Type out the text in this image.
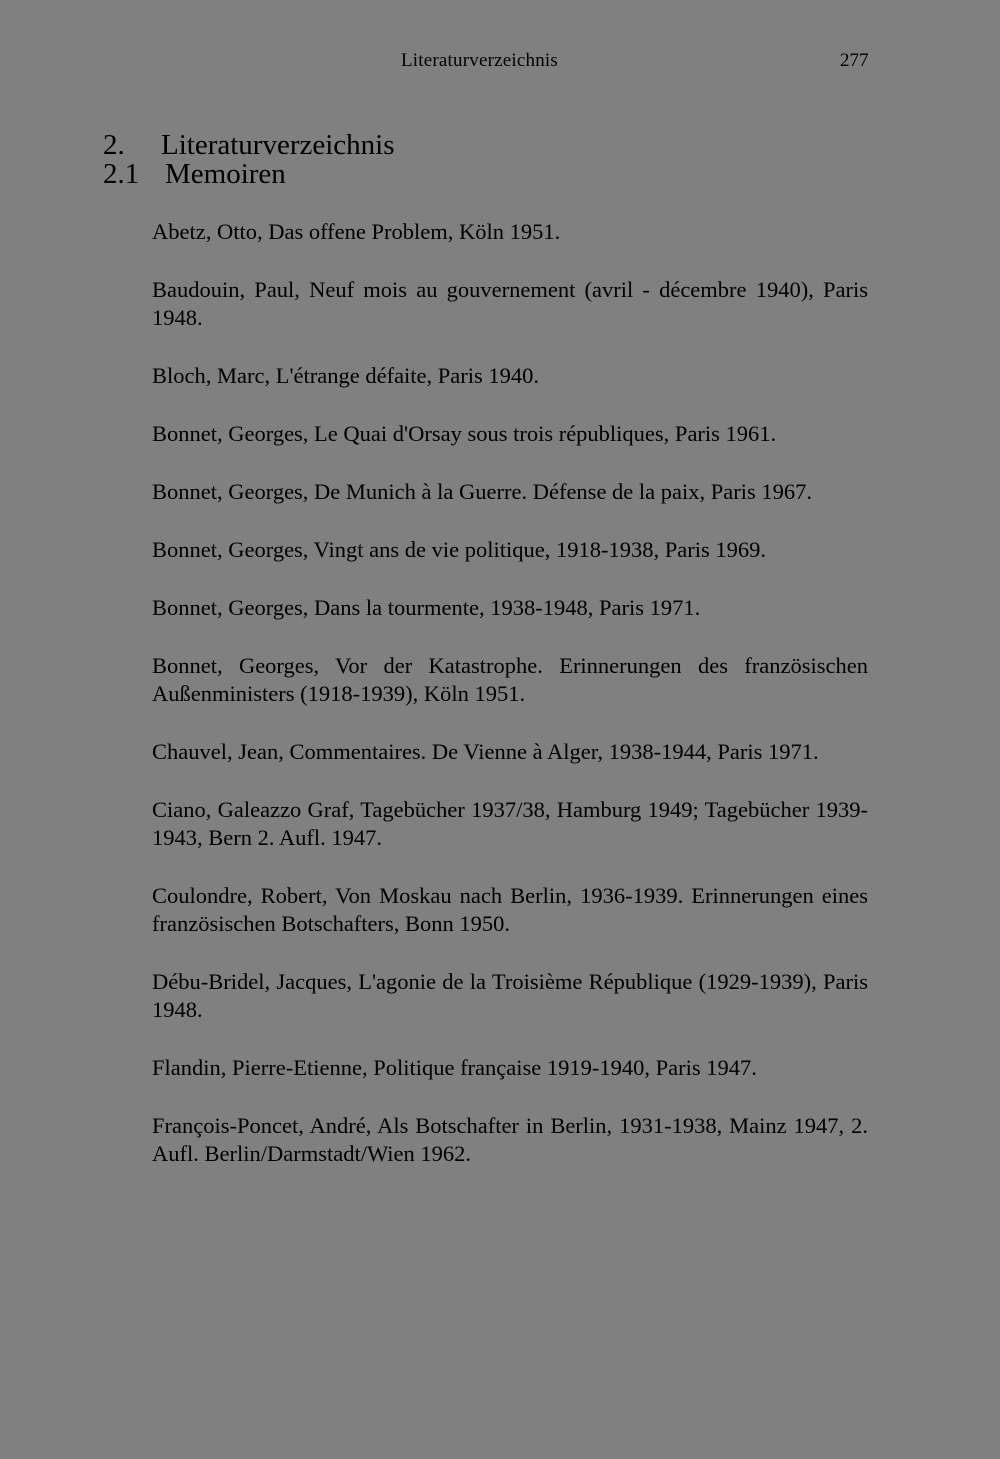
Literaturverzeichnis	277
2. Literaturverzeichnis
2.1 Memoiren
Abetz, Otto, Das offene Problem, Köln 1951.
Baudouin, Paul, Neuf mois au gouvernement (avril - décembre 1940), Paris 1948.
Bloch, Marc, L'étrange défaite, Paris 1940.
Bonnet, Georges, Le Quai d'Orsay sous trois républiques, Paris 1961.
Bonnet, Georges, De Munich à la Guerre. Défense de la paix, Paris 1967.
Bonnet, Georges, Vingt ans de vie politique, 1918-1938, Paris 1969.
Bonnet, Georges, Dans la tourmente, 1938-1948, Paris 1971.
Bonnet, Georges, Vor der Katastrophe. Erinnerungen des französischen Außenministers (1918-1939), Köln 1951.
Chauvel, Jean, Commentaires. De Vienne à Alger, 1938-1944, Paris 1971.
Ciano, Galeazzo Graf, Tagebücher 1937/38, Hamburg 1949; Tagebücher 1939-1943, Bern 2. Aufl. 1947.
Coulondre, Robert, Von Moskau nach Berlin, 1936-1939. Erinnerungen eines französischen Botschafters, Bonn 1950.
Débu-Bridel, Jacques, L'agonie de la Troisième République (1929-1939), Paris 1948.
Flandin, Pierre-Etienne, Politique française 1919-1940, Paris 1947.
François-Poncet, André, Als Botschafter in Berlin, 1931-1938, Mainz 1947, 2. Aufl. Berlin/Darmstadt/Wien 1962.
